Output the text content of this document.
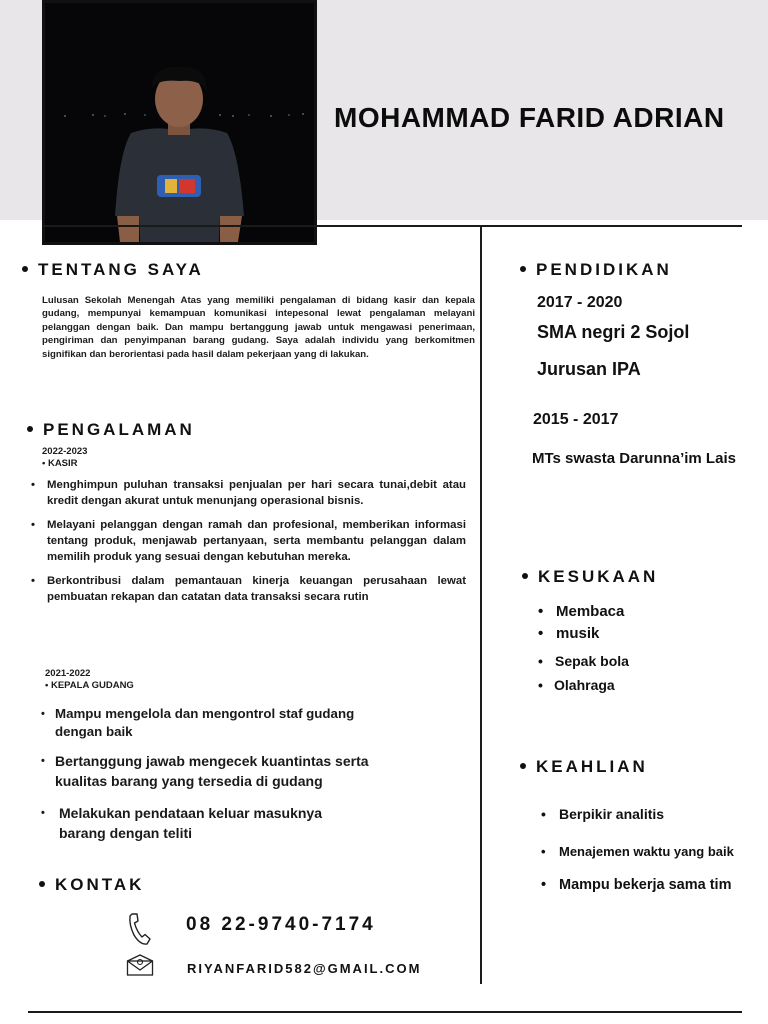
MOHAMMAD FARID ADRIAN
TENTANG SAYA
Lulusan Sekolah Menengah Atas yang memiliki pengalaman di bidang kasir dan kepala gudang, mempunyai kemampuan komunikasi intepesonal lewat pengalaman melayani pelanggan dengan baik. Dan mampu bertanggung jawab untuk mengawasi penerimaan, pengiriman dan penyimpanan barang gudang. Saya adalah individu yang berkomitmen signifikan dan berorientasi pada hasil dalam pekerjaan yang di lakukan.
PENGALAMAN
2022-2023
• KASIR
• Menghimpun puluhan transaksi penjualan per hari secara tunai,debit atau kredit dengan akurat untuk menunjang operasional bisnis.
• Melayani pelanggan dengan ramah dan profesional, memberikan informasi tentang produk, menjawab pertanyaan, serta membantu pelanggan dalam memilih produk yang sesuai dengan kebutuhan mereka.
• Berkontribusi dalam pemantauan kinerja keuangan perusahaan lewat pembuatan rekapan dan catatan data transaksi secara rutin
2021-2022
• KEPALA GUDANG
• Mampu mengelola dan mengontrol staf gudang dengan baik
• Bertanggung jawab mengecek kuantintas serta kualitas barang yang tersedia di gudang
• Melakukan pendataan keluar masuknya barang dengan teliti
KONTAK
08 22-9740-7174
RIYANFARID582@GMAIL.COM
PENDIDIKAN
2017 - 2020
SMA negri 2 Sojol
Jurusan IPA
2015 - 2017
MTs swasta Darunna’im Lais
KESUKAAN
• Membaca
• musik
• Sepak bola
• Olahraga
KEAHLIAN
• Berpikir analitis
• Menajemen waktu yang baik
• Mampu bekerja sama tim
